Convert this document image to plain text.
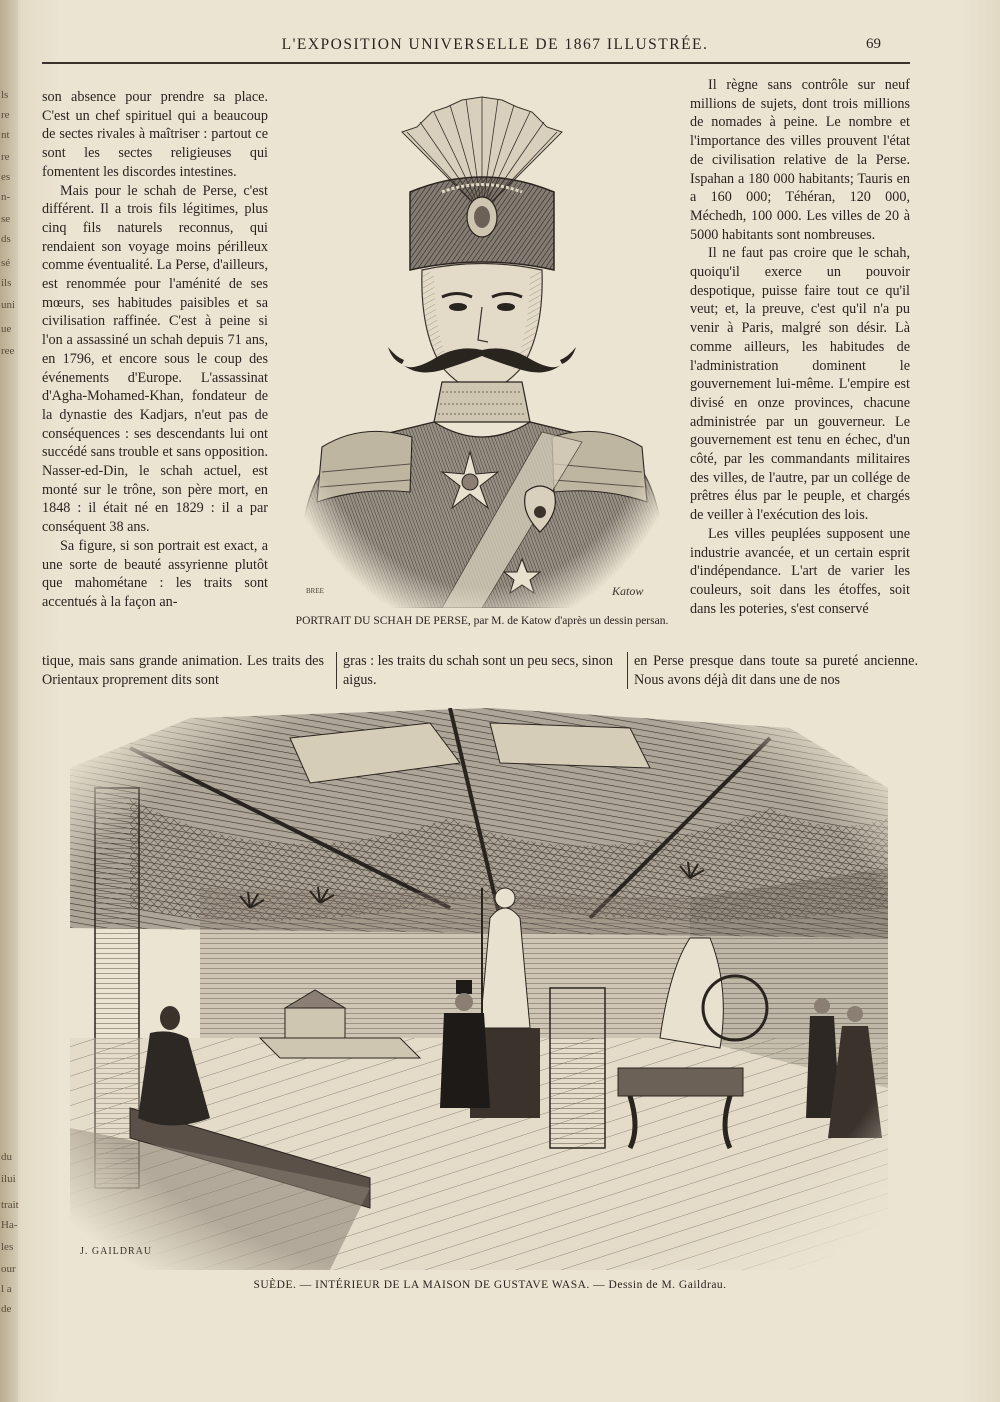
ls
re
nt
re
es
n-
se
ds
sé
ils
uni
ue
ree
du
ilui
trait
Ha-
les
our
l a
de
L'EXPOSITION UNIVERSELLE DE 1867 ILLUSTRÉE.	69

son absence pour prendre sa place. C'est un chef spirituel qui a beaucoup de sectes rivales à maîtriser : partout ce sont les sectes religieuses qui fomentent les discordes intestines.

Mais pour le schah de Perse, c'est différent. Il a trois fils légitimes, plus cinq fils naturels reconnus, qui rendaient son voyage moins périlleux comme éventualité. La Perse, d'ailleurs, est renommée pour l'aménité de ses mœurs, ses habitudes paisibles et sa civilisation raffinée. C'est à peine si l'on a assassiné un schah depuis 71 ans, en 1796, et encore sous le coup des événements d'Europe. L'assassinat d'Agha-Mohamed-Khan, fondateur de la dynastie des Kadjars, n'eut pas de conséquences : ses descendants lui ont succédé sans trouble et sans opposition. Nasser-ed-Din, le schah actuel, est monté sur le trône, son père mort, en 1848 : il était né en 1829 : il a par conséquent 38 ans.

Sa figure, si son portrait est exact, a une sorte de beauté assyrienne plutôt que mahométane : les traits sont accentués à la façon an-

BREE	Katow
PORTRAIT DU SCHAH DE PERSE, par M. de Katow d'après un dessin persan.

Il règne sans contrôle sur neuf millions de sujets, dont trois millions de nomades à peine. Le nombre et l'importance des villes prouvent l'état de civilisation relative de la Perse. Ispahan a 180 000 habitants; Tauris en a 160 000; Téhéran, 120 000, Méchedh, 100 000. Les villes de 20 à 5000 habitants sont nombreuses.

Il ne faut pas croire que le schah, quoiqu'il exerce un pouvoir despotique, puisse faire tout ce qu'il veut; et, la preuve, c'est qu'il n'a pu venir à Paris, malgré son désir. Là comme ailleurs, les habitudes de l'administration dominent le gouvernement lui-même. L'empire est divisé en onze provinces, chacune administrée par un gouverneur. Le gouvernement est tenu en échec, d'un côté, par les commandants militaires des villes, de l'autre, par un collége de prêtres élus par le peuple, et chargés de veiller à l'exécution des lois.

Les villes peuplées supposent une industrie avancée, et un certain esprit d'indépendance. L'art de varier les couleurs, soit dans les étoffes, soit dans les poteries, s'est conservé

tique, mais sans grande animation. Les traits des Orientaux proprement dits sont

gras : les traits du schah sont un peu secs, sinon aigus.

en Perse presque dans toute sa pureté ancienne. Nous avons déjà dit dans une de nos

J. GAILDRAU
SUÈDE. — INTÉRIEUR DE LA MAISON DE GUSTAVE WASA. — Dessin de M. Gaildrau.
